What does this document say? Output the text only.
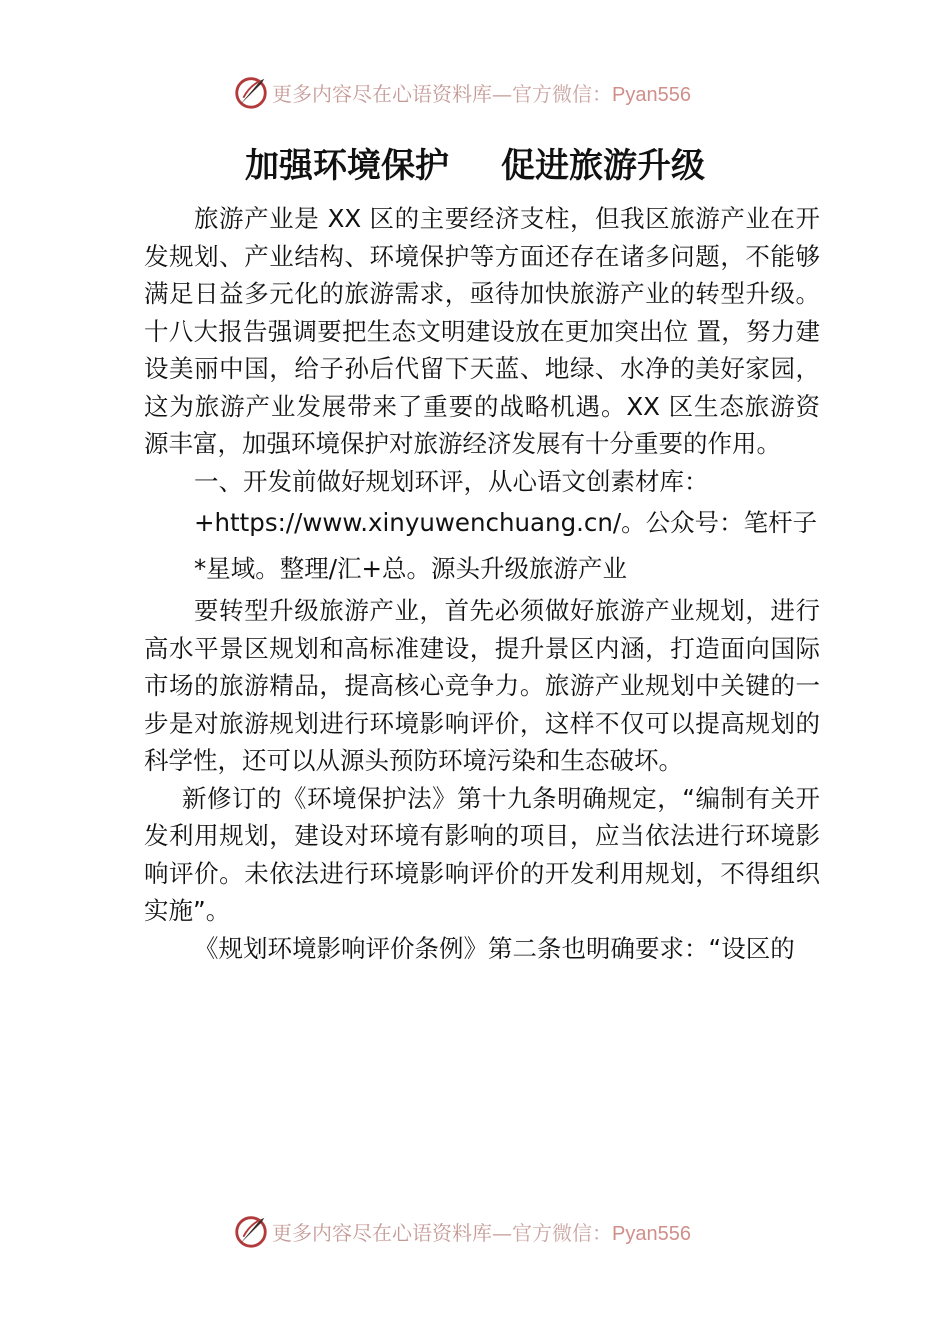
更多内容尽在心语资料库—官方微信：Pyan556
加强环境保护 促进旅游升级

旅游产业是 XX 区的主要经济支柱，但我区旅游产业在开发规划、产业结构、环境保护等方面还存在诸多问题，不能够满足日益多元化的旅游需求，亟待加快旅游产业的转型升级。十八大报告强调要把生态文明建设放在更加突出位 置，努力建设美丽中国，给子孙后代留下天蓝、地绿、水净的美好家园，这为旅游产业发展带来了重要的战略机遇。XX 区生态旅游资源丰富，加强环境保护对旅游经济发展有十分重要的作用。

一、开发前做好规划环评，从心语文创素材库：

+https://www.xinyuwenchuang.cn/。公众号：笔杆子

*星域。整理/汇+总。源头升级旅游产业

要转型升级旅游产业，首先必须做好旅游产业规划，进行高水平景区规划和高标准建设，提升景区内涵，打造面向国际市场的旅游精品，提高核心竞争力。旅游产业规划中关键的一步是对旅游规划进行环境影响评价，这样不仅可以提高规划的科学性，还可以从源头预防环境污染和生态破坏。

新修订的《环境保护法》第十九条明确规定，“编制有关开发利用规划，建设对环境有影响的项目，应当依法进行环境影响评价。未依法进行环境影响评价的开发利用规划，不得组织实施”。

《规划环境影响评价条例》第二条也明确要求：“设区的

更多内容尽在心语资料库—官方微信：Pyan556
